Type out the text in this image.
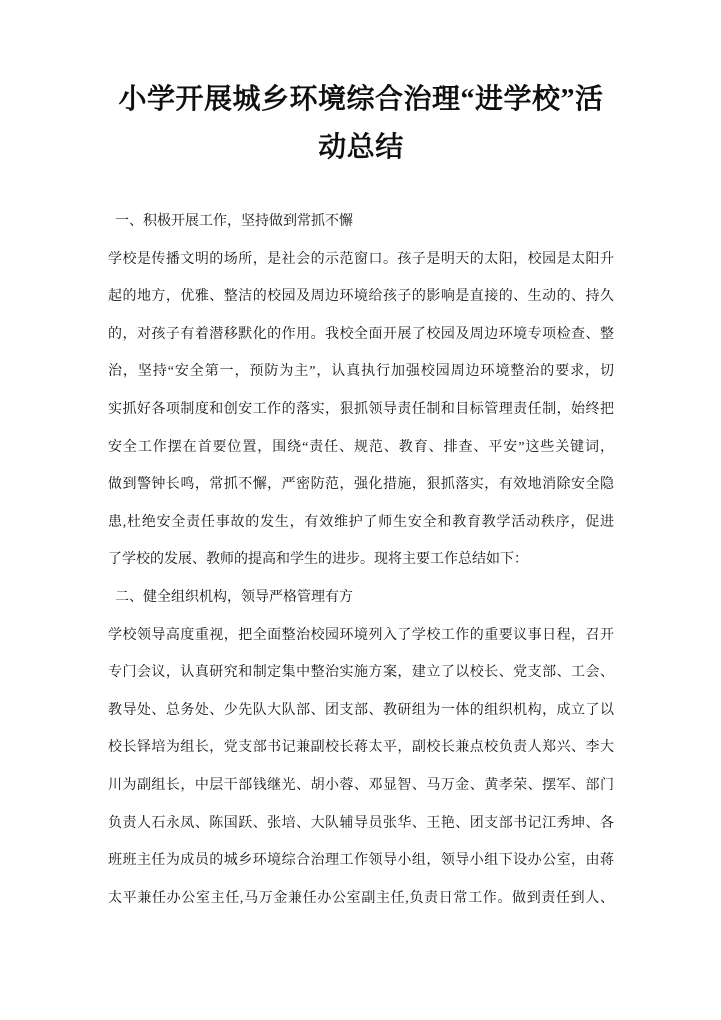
小学开展城乡环境综合治理“进学校”活
动总结
一、积极开展工作，坚持做到常抓不懈
学校是传播文明的场所，是社会的示范窗口。孩子是明天的太阳，校园是太阳升
起的地方，优雅、整洁的校园及周边环境给孩子的影响是直接的、生动的、持久
的，对孩子有着潜移默化的作用。我校全面开展了校园及周边环境专项检查、整
治，坚持“安全第一，预防为主”，认真执行加强校园周边环境整治的要求，切
实抓好各项制度和创安工作的落实，狠抓领导责任制和目标管理责任制，始终把
安全工作摆在首要位置，围绕“责任、规范、教育、排查、平安”这些关键词，
做到警钟长鸣，常抓不懈，严密防范，强化措施，狠抓落实，有效地消除安全隐
患,杜绝安全责任事故的发生，有效维护了师生安全和教育教学活动秩序，促进
了学校的发展、教师的提高和学生的进步。现将主要工作总结如下：
二、健全组织机构，领导严格管理有方
学校领导高度重视，把全面整治校园环境列入了学校工作的重要议事日程，召开
专门会议，认真研究和制定集中整治实施方案，建立了以校长、党支部、工会、
教导处、总务处、少先队大队部、团支部、教研组为一体的组织机构，成立了以
校长铎培为组长，党支部书记兼副校长蒋太平，副校长兼点校负责人郑兴、李大
川为副组长，中层干部钱继光、胡小蓉、邓显智、马万金、黄孝荣、摆军、部门
负责人石永凤、陈国跃、张培、大队辅导员张华、王艳、团支部书记江秀坤、各
班班主任为成员的城乡环境综合治理工作领导小组，领导小组下设办公室，由蒋
太平兼任办公室主任,马万金兼任办公室副主任,负责日常工作。做到责任到人、
